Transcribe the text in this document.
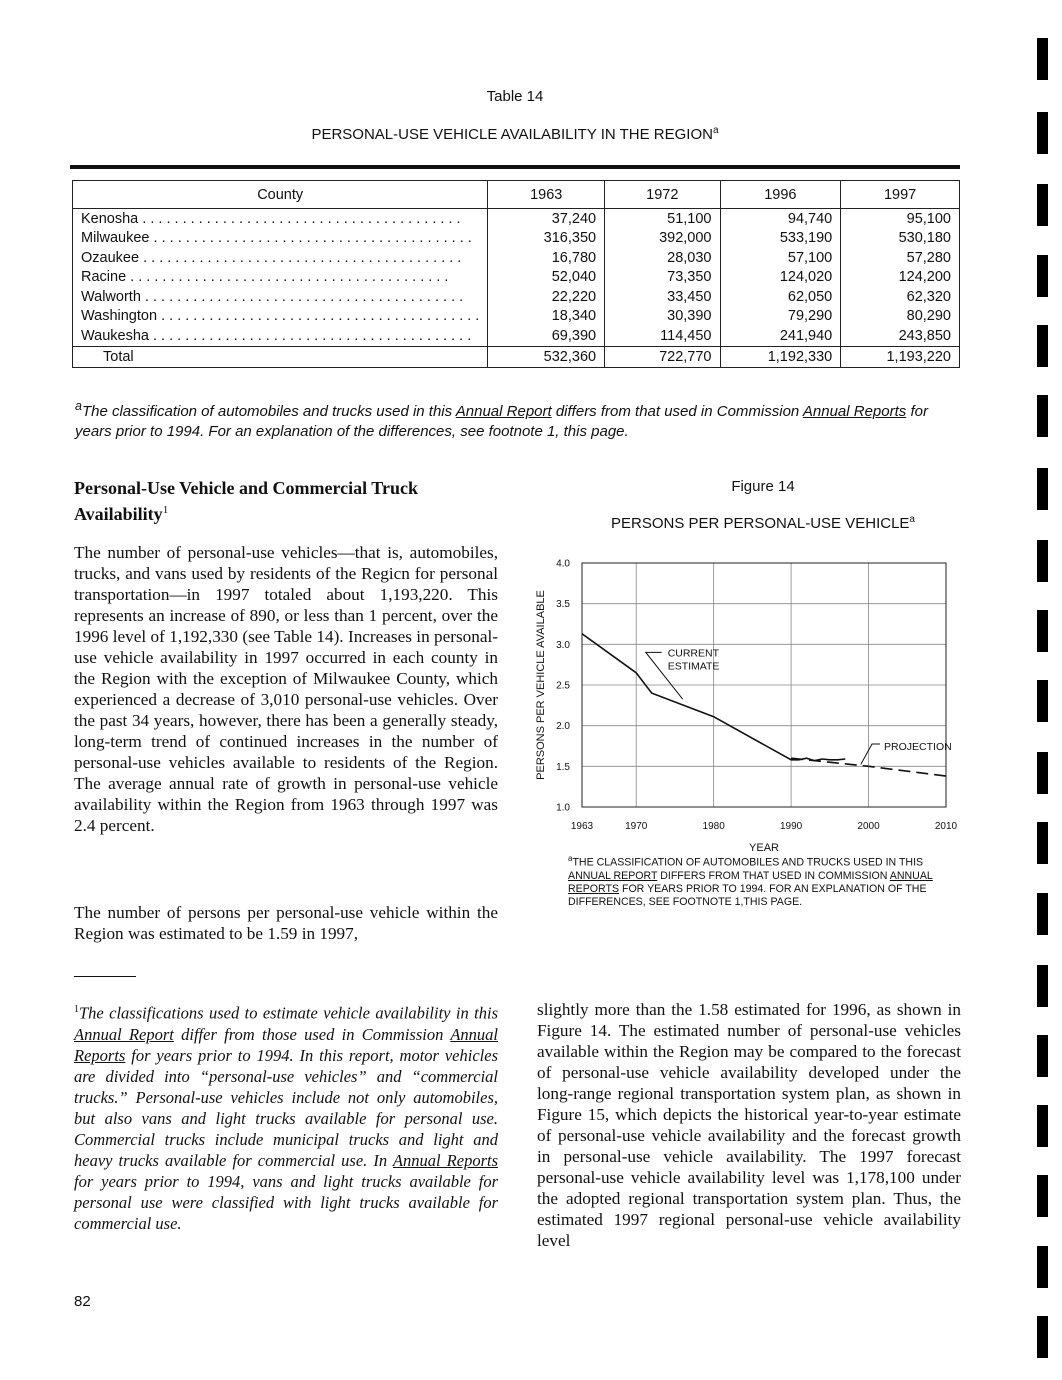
Table 14
PERSONAL-USE VEHICLE AVAILABILITY IN THE REGION$^a$
County	1963	1972	1996	1997
Kenosha . . . . . . . . . . . . . . . . . . . . . . . . . . . . . . . . . . . . . . . .	37,240	51,100	94,740	95,100
Milwaukee . . . . . . . . . . . . . . . . . . . . . . . . . . . . . . . . . . . . . . . .	316,350	392,000	533,190	530,180
Ozaukee . . . . . . . . . . . . . . . . . . . . . . . . . . . . . . . . . . . . . . . .	16,780	28,030	57,100	57,280
Racine . . . . . . . . . . . . . . . . . . . . . . . . . . . . . . . . . . . . . . . .	52,040	73,350	124,020	124,200
Walworth . . . . . . . . . . . . . . . . . . . . . . . . . . . . . . . . . . . . . . . .	22,220	33,450	62,050	62,320
Washington . . . . . . . . . . . . . . . . . . . . . . . . . . . . . . . . . . . . . . . .	18,340	30,390	79,290	80,290
Waukesha . . . . . . . . . . . . . . . . . . . . . . . . . . . . . . . . . . . . . . . .	69,390	114,450	241,940	243,850
Total	532,360	722,770	1,192,330	1,193,220
$^a$The classification of automobiles and trucks used in this Annual Report differs from that used in Commission Annual Reports for years prior to 1994. For an explanation of the differences, see footnote 1, this page.
Personal-Use Vehicle and Commercial Truck Availability$^1$
The number of personal-use vehicles—that is, automobiles, trucks, and vans used by residents of the Regicn for personal transportation—in 1997 totaled about 1,193,220. This represents an increase of 890, or less than 1 percent, over the 1996 level of 1,192,330 (see Table 14). Increases in personal-use vehicle availability in 1997 occurred in each county in the Region with the exception of Milwaukee County, which experienced a decrease of 3,010 personal-use vehicles. Over the past 34 years, however, there has been a generally steady, long-term trend of continued increases in the number of personal-use vehicles available to residents of the Region. The average annual rate of growth in personal-use vehicle availability within the Region from 1963 through 1997 was 2.4 percent.
The number of persons per personal-use vehicle within the Region was estimated to be 1.59 in 1997,
slightly more than the 1.58 estimated for 1996, as shown in Figure 14. The estimated number of personal-use vehicles available within the Region may be compared to the forecast of personal-use vehicle availability developed under the long-range regional transportation system plan, as shown in Figure 15, which depicts the historical year-to-year estimate of personal-use vehicle availability and the forecast growth in personal-use vehicle availability. The 1997 forecast personal-use vehicle availability level was 1,178,100 under the adopted regional transportation system plan. Thus, the estimated 1997 regional personal-use vehicle availability level
$^1$The classifications used to estimate vehicle availability in this Annual Report differ from those used in Commission Annual Reports for years prior to 1994. In this report, motor vehicles are divided into “personal-use vehicles” and “commercial trucks.” Personal-use vehicles include not only automobiles, but also vans and light trucks available for personal use. Commercial trucks include municipal trucks and light and heavy trucks available for commercial use. In Annual Reports for years prior to 1994, vans and light trucks available for personal use were classified with light trucks available for commercial use.
82
Figure 14
PERSONS PER PERSONAL-USE VEHICLE$^a$
1.0
1.5
2.0
2.5
3.0
3.5
4.0
1963	1970	1980	1990	2000	2010
YEAR
PERSONS PER VEHICLE AVAILABLE	CURRENT
ESTIMATE
PROJECTION
$^a$THE CLASSIFICATION OF AUTOMOBILES AND TRUCKS USED IN THIS ANNUAL REPORT DIFFERS FROM THAT USED IN COMMISSION ANNUAL REPORTS FOR YEARS PRIOR TO 1994. FOR AN EXPLANATION OF THE DIFFERENCES, SEE FOOTNOTE 1,THIS PAGE.
